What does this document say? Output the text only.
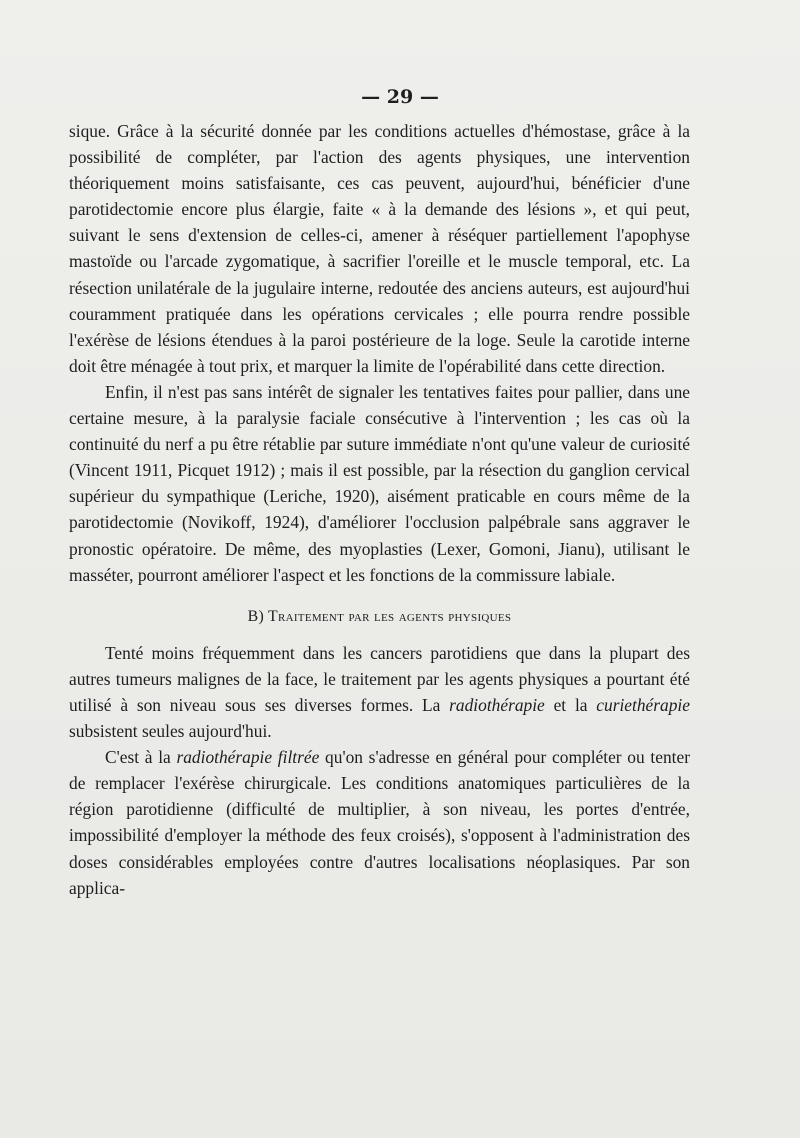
— 29 —

sique. Grâce à la sécurité donnée par les conditions actuelles d'hémostase, grâce à la possibilité de compléter, par l'action des agents physiques, une intervention théoriquement moins satisfaisante, ces cas peuvent, aujourd'hui, bénéficier d'une parotidectomie encore plus élargie, faite « à la demande des lésions », et qui peut, suivant le sens d'extension de celles-ci, amener à réséquer partiellement l'apophyse mastoïde ou l'arcade zygomatique, à sacrifier l'oreille et le muscle temporal, etc. La résection unilatérale de la jugulaire interne, redoutée des anciens auteurs, est aujourd'hui couramment pratiquée dans les opérations cervicales ; elle pourra rendre possible l'exérèse de lésions étendues à la paroi postérieure de la loge. Seule la carotide interne doit être ménagée à tout prix, et marquer la limite de l'opérabilité dans cette direction.

Enfin, il n'est pas sans intérêt de signaler les tentatives faites pour pallier, dans une certaine mesure, à la paralysie faciale consécutive à l'intervention ; les cas où la continuité du nerf a pu être rétablie par suture immédiate n'ont qu'une valeur de curiosité (Vincent 1911, Picquet 1912) ; mais il est possible, par la résection du ganglion cervical supérieur du sympathique (Leriche, 1920), aisément praticable en cours même de la parotidectomie (Novikoff, 1924), d'améliorer l'occlusion palpébrale sans aggraver le pronostic opératoire. De même, des myoplasties (Lexer, Gomoni, Jianu), utilisant le masséter, pourront améliorer l'aspect et les fonctions de la commissure labiale.

B) Traitement par les agents physiques

Tenté moins fréquemment dans les cancers parotidiens que dans la plupart des autres tumeurs malignes de la face, le traitement par les agents physiques a pourtant été utilisé à son niveau sous ses diverses formes. La radiothérapie et la curiethérapie subsistent seules aujourd'hui.

C'est à la radiothérapie filtrée qu'on s'adresse en général pour compléter ou tenter de remplacer l'exérèse chirurgicale. Les conditions anatomiques particulières de la région parotidienne (difficulté de multiplier, à son niveau, les portes d'entrée, impossibilité d'employer la méthode des feux croisés), s'opposent à l'administration des doses considérables employées contre d'autres localisations néoplasiques. Par son applica-
